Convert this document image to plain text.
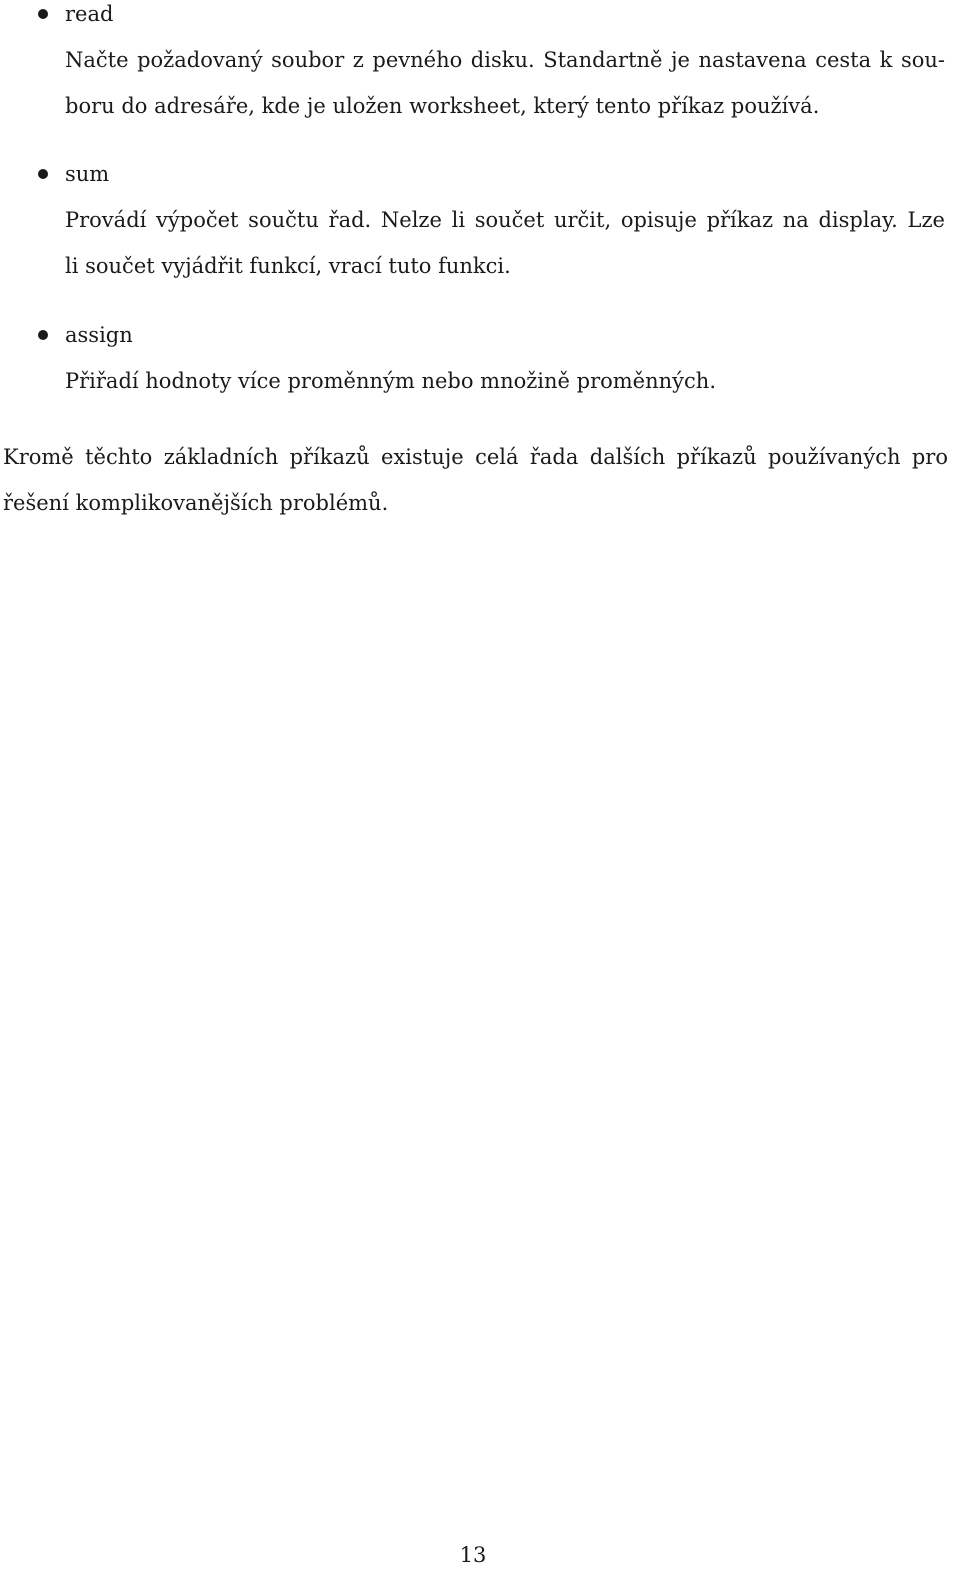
read
Načte požadovaný soubor z pevného disku. Standartně je nastavena cesta k sou-
boru do adresáře, kde je uložen worksheet, který tento příkaz používá.
sum
Provádí výpočet součtu řad. Nelze li součet určit, opisuje příkaz na display. Lze
li součet vyjádřit funkcí, vrací tuto funkci.
assign
Přiřadí hodnoty více proměnným nebo množině proměnných.
Kromě těchto základních příkazů existuje celá řada dalších příkazů používaných pro
řešení komplikovanějších problémů.
13
